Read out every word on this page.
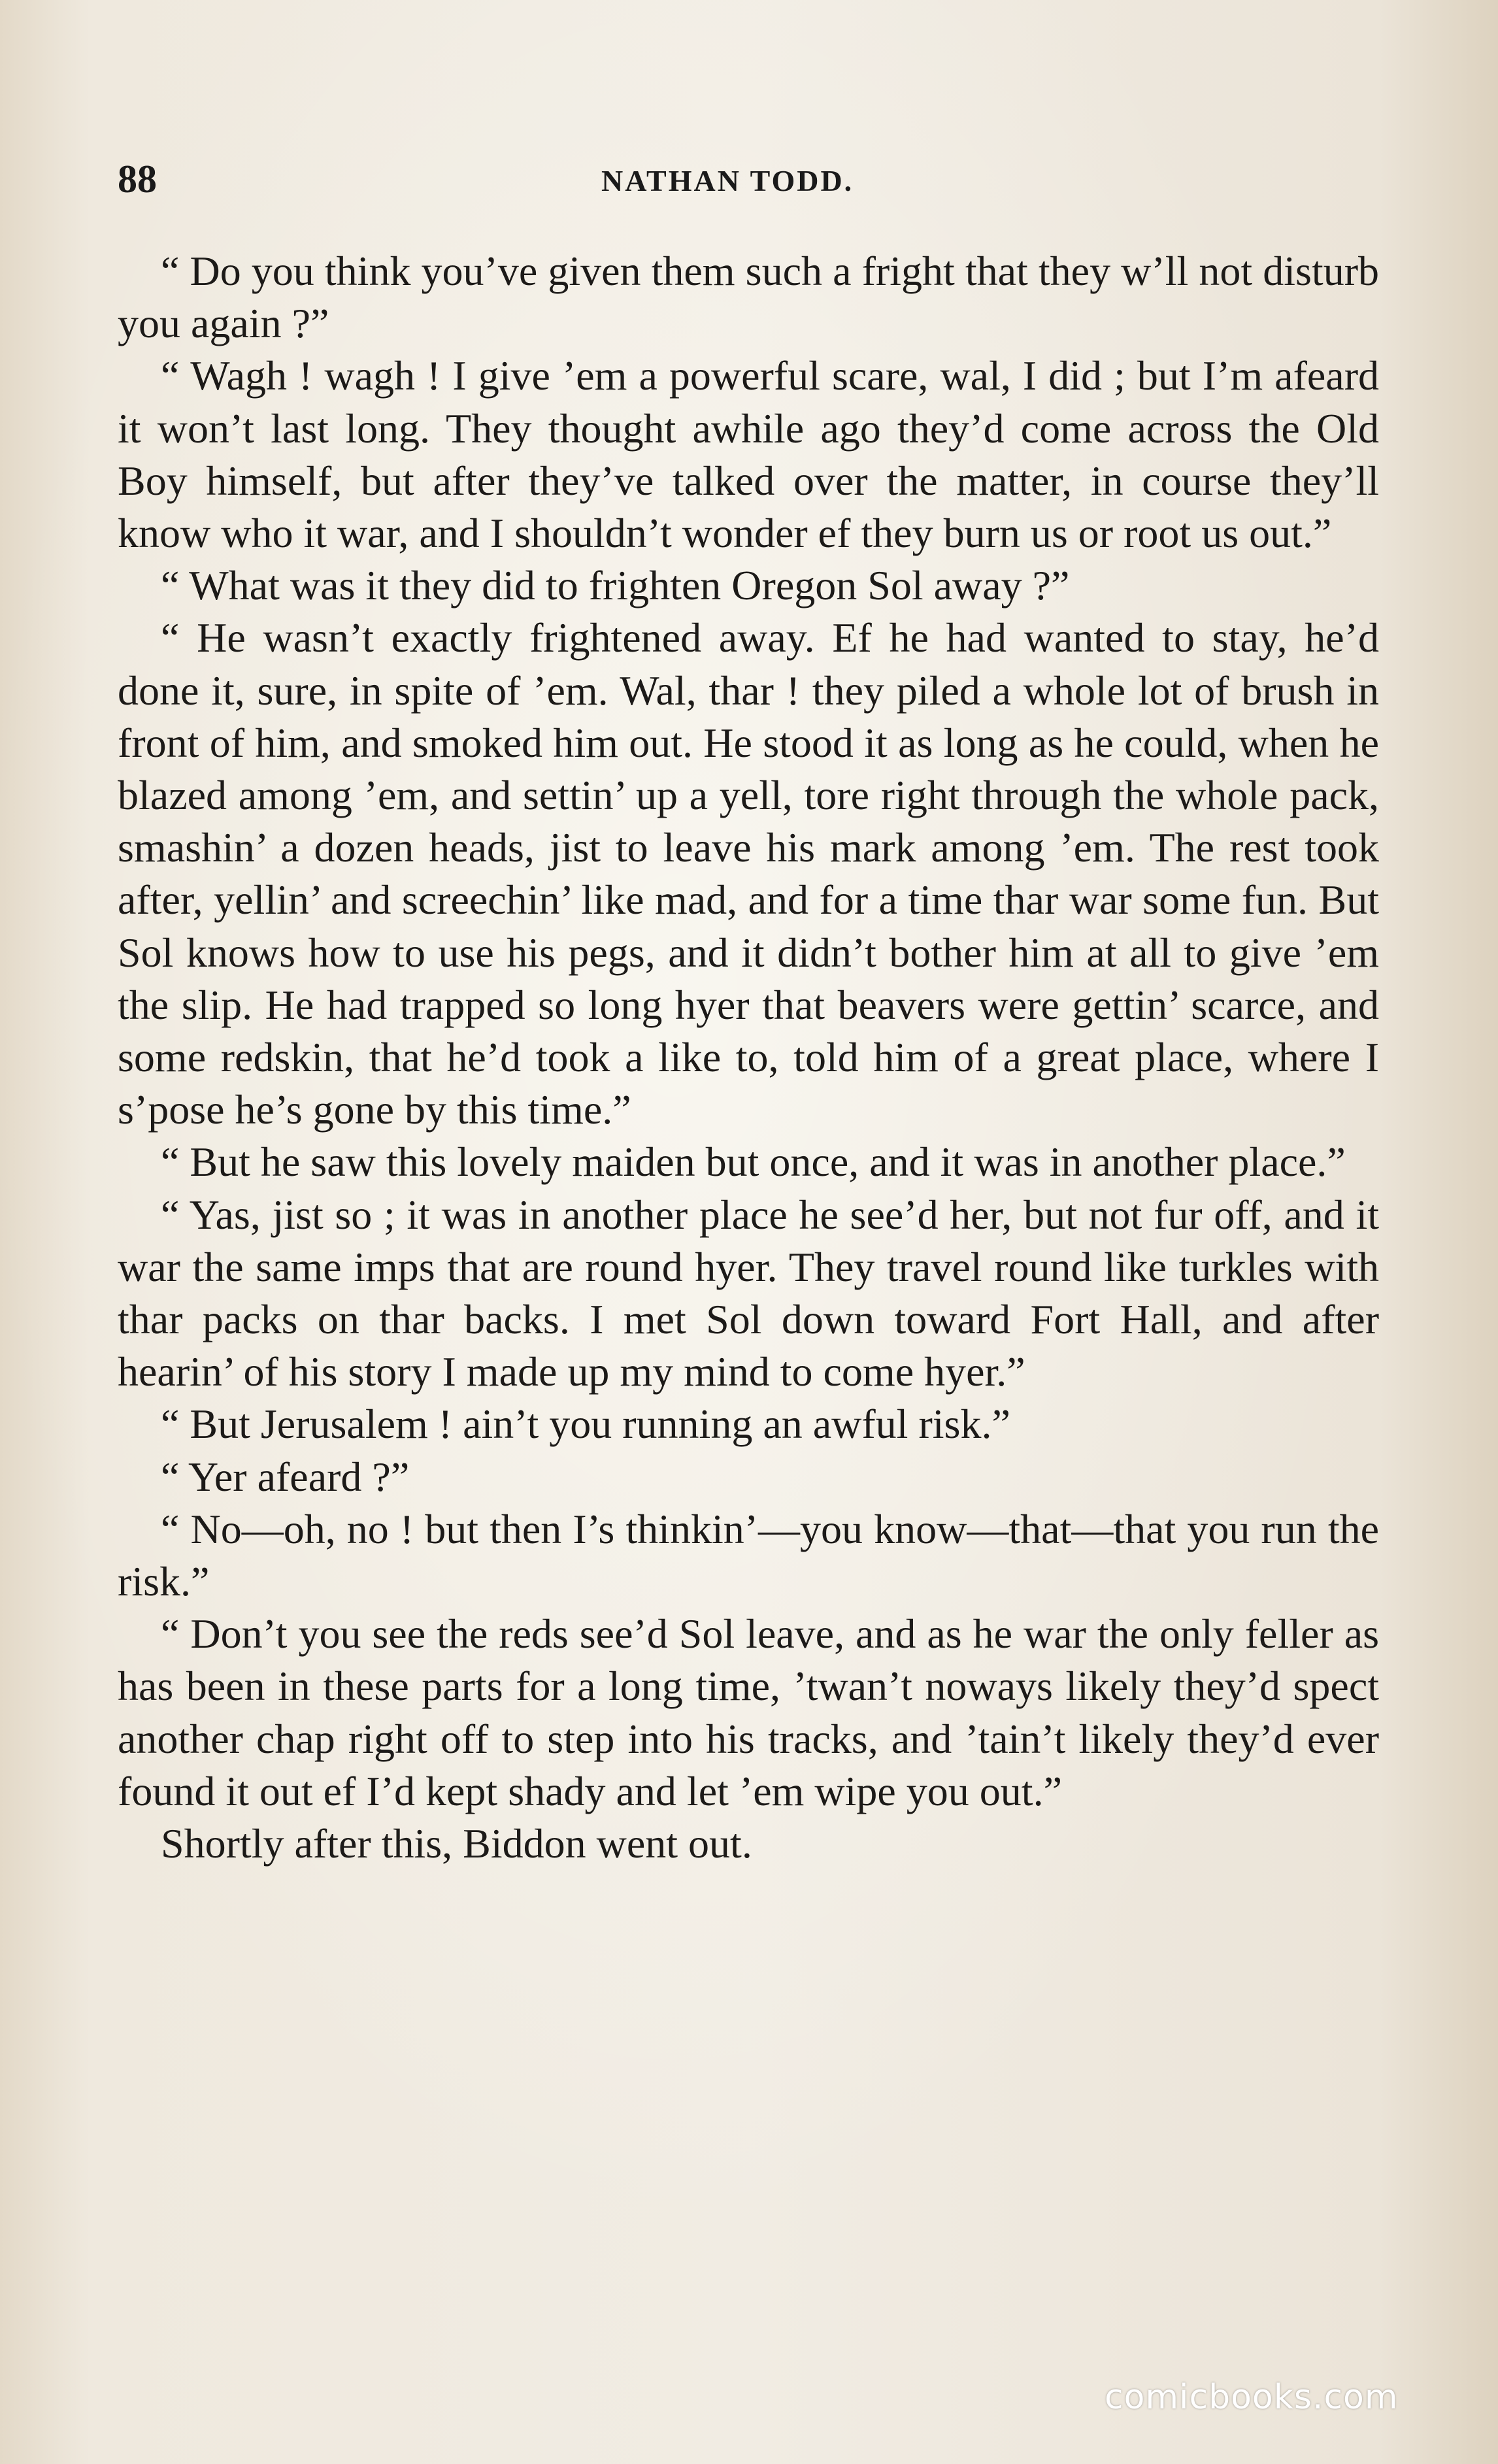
88	NATHAN TODD.

“ Do you think you’ve given them such a fright that they w’ll not disturb you again ?”

“ Wagh ! wagh ! I give ’em a powerful scare, wal, I did ; but I’m afeard it won’t last long. They thought awhile ago they’d come across the Old Boy himself, but after they’ve talked over the matter, in course they’ll know who it war, and I shouldn’t wonder ef they burn us or root us out.”

“ What was it they did to frighten Oregon Sol away ?”

“ He wasn’t exactly frightened away. Ef he had wanted to stay, he’d done it, sure, in spite of ’em. Wal, thar ! they piled a whole lot of brush in front of him, and smoked him out. He stood it as long as he could, when he blazed among ’em, and settin’ up a yell, tore right through the whole pack, smashin’ a dozen heads, jist to leave his mark among ’em. The rest took after, yellin’ and screechin’ like mad, and for a time thar war some fun. But Sol knows how to use his pegs, and it didn’t bother him at all to give ’em the slip. He had trapped so long hyer that beavers were gettin’ scarce, and some redskin, that he’d took a like to, told him of a great place, where I s’pose he’s gone by this time.”

“ But he saw this lovely maiden but once, and it was in another place.”

“ Yas, jist so ; it was in another place he see’d her, but not fur off, and it war the same imps that are round hyer. They travel round like turkles with thar packs on thar backs. I met Sol down toward Fort Hall, and after hearin’ of his story I made up my mind to come hyer.”

“ But Jerusalem ! ain’t you running an awful risk.”

“ Yer afeard ?”

“ No—oh, no ! but then I’s thinkin’—you know—that—that you run the risk.”

“ Don’t you see the reds see’d Sol leave, and as he war the only feller as has been in these parts for a long time, ’twan’t noways likely they’d spect another chap right off to step into his tracks, and ’tain’t likely they’d ever found it out ef I’d kept shady and let ’em wipe you out.”

Shortly after this, Biddon went out.

comicbooks.com
